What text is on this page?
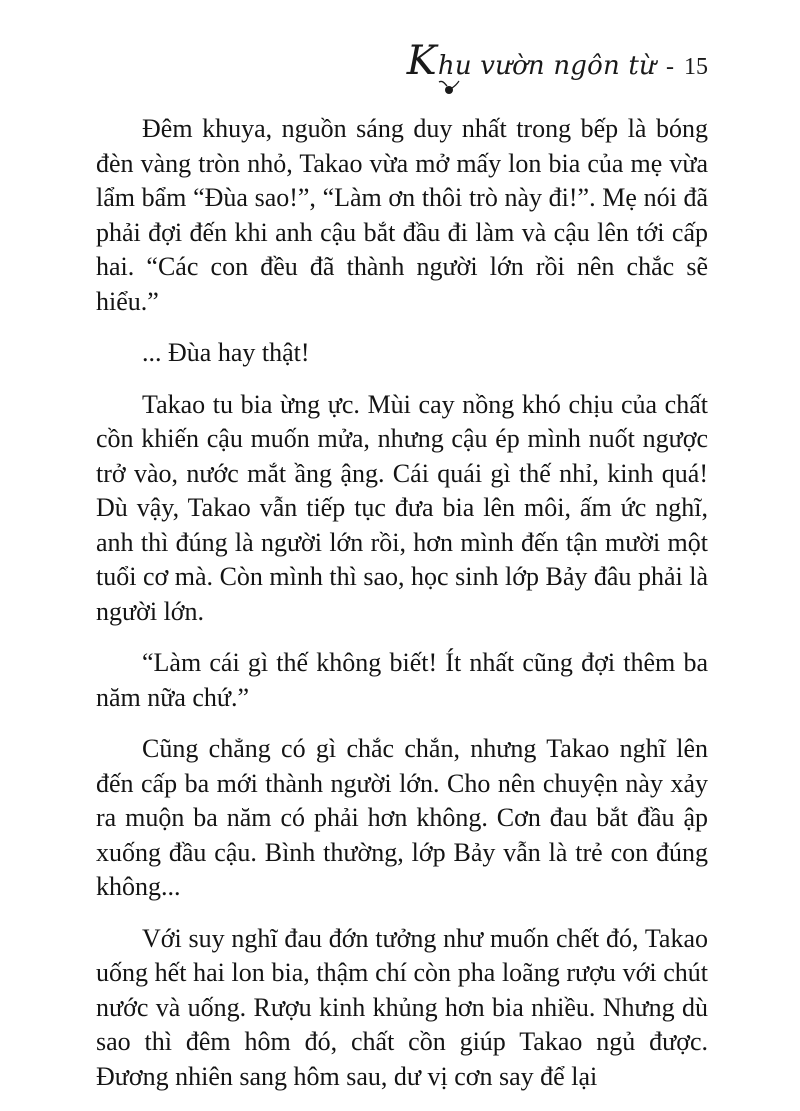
Khu vườn ngôn từ - 15

Đêm khuya, nguồn sáng duy nhất trong bếp là bóng đèn vàng tròn nhỏ, Takao vừa mở mấy lon bia của mẹ vừa lẩm bẩm “Đùa sao!”, “Làm ơn thôi trò này đi!”. Mẹ nói đã phải đợi đến khi anh cậu bắt đầu đi làm và cậu lên tới cấp hai. “Các con đều đã thành người lớn rồi nên chắc sẽ hiểu.”

... Đùa hay thật!

Takao tu bia ừng ực. Mùi cay nồng khó chịu của chất cồn khiến cậu muốn mửa, nhưng cậu ép mình nuốt ngược trở vào, nước mắt ầng ậng. Cái quái gì thế nhỉ, kinh quá! Dù vậy, Takao vẫn tiếp tục đưa bia lên môi, ấm ức nghĩ, anh thì đúng là người lớn rồi, hơn mình đến tận mười một tuổi cơ mà. Còn mình thì sao, học sinh lớp Bảy đâu phải là người lớn.

“Làm cái gì thế không biết! Ít nhất cũng đợi thêm ba năm nữa chứ.”

Cũng chẳng có gì chắc chắn, nhưng Takao nghĩ lên đến cấp ba mới thành người lớn. Cho nên chuyện này xảy ra muộn ba năm có phải hơn không. Cơn đau bắt đầu ập xuống đầu cậu. Bình thường, lớp Bảy vẫn là trẻ con đúng không...

Với suy nghĩ đau đớn tưởng như muốn chết đó, Takao uống hết hai lon bia, thậm chí còn pha loãng rượu với chút nước và uống. Rượu kinh khủng hơn bia nhiều. Nhưng dù sao thì đêm hôm đó, chất cồn giúp Takao ngủ được. Đương nhiên sang hôm sau, dư vị cơn say để lại
